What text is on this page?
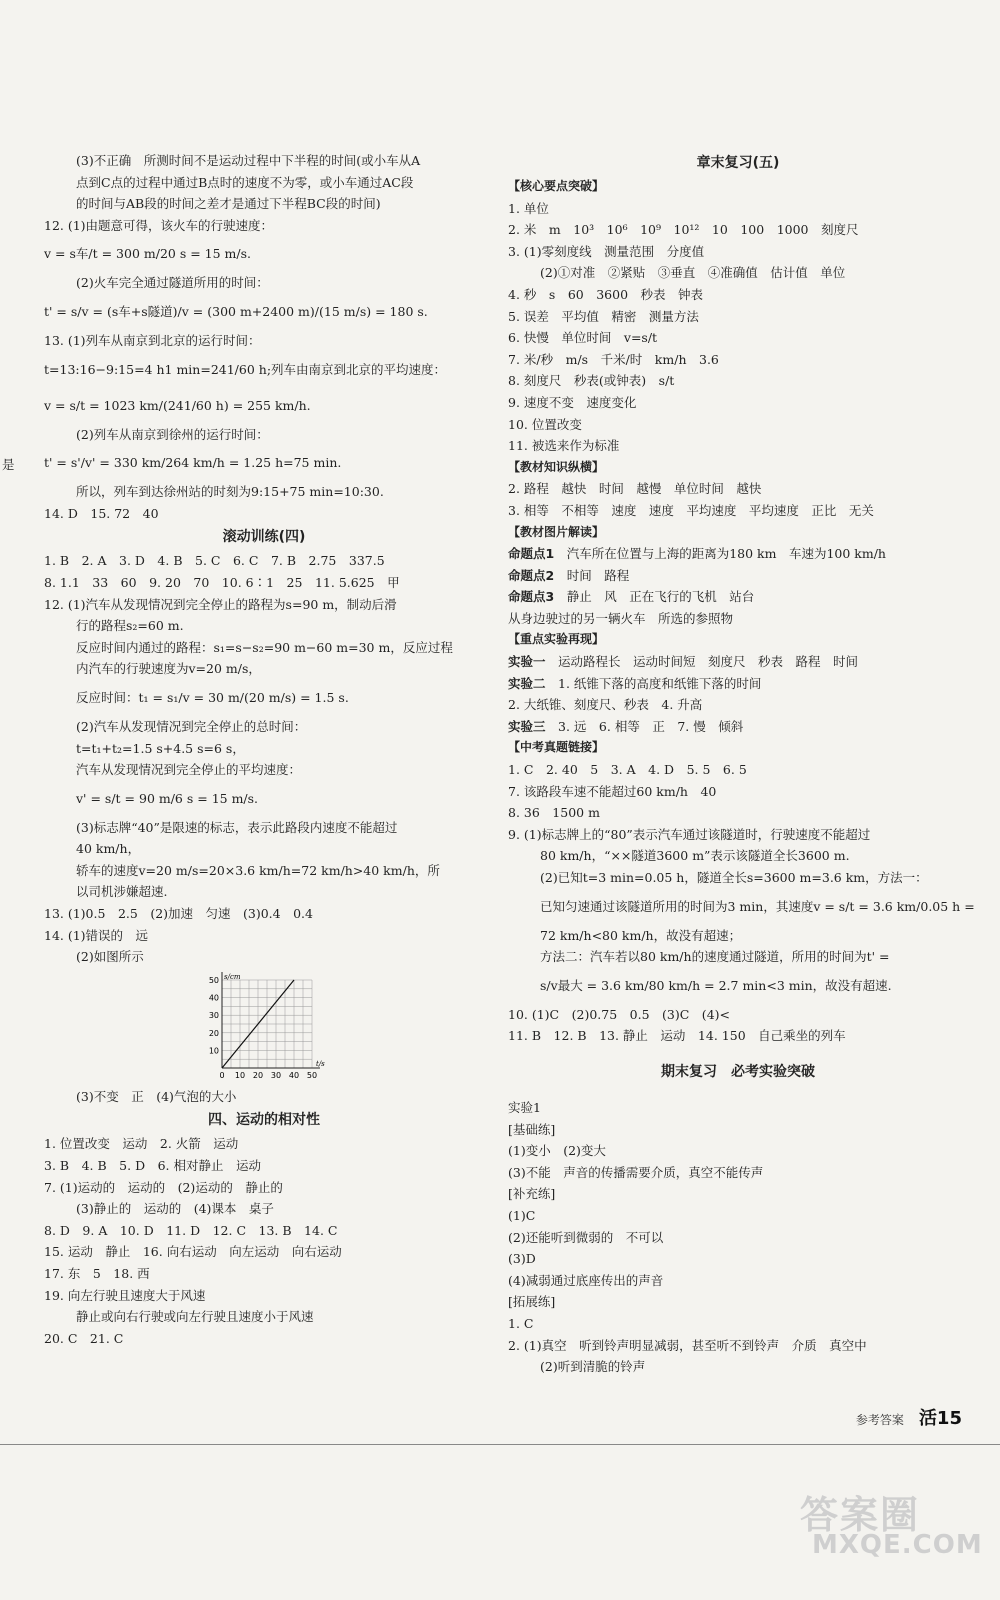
是
(3)不正确　所测时间不是运动过程中下半程的时间(或小车从A
点到C点的过程中通过B点时的速度不为零，或小车通过AC段
的时间与AB段的时间之差才是通过下半程BC段的时间)
12. (1)由题意可得，该火车的行驶速度：
v = s车/t = 300 m/20 s = 15 m/s.
(2)火车完全通过隧道所用的时间：
t' = s/v = (s车+s隧道)/v = (300 m+2400 m)/(15 m/s) = 180 s.
13. (1)列车从南京到北京的运行时间：
t=13:16−9:15=4 h1 min=241/60 h;列车由南京到北京的平均速度：
v = s/t = 1023 km/(241/60 h) = 255 km/h.
(2)列车从南京到徐州的运行时间：
t' = s'/v' = 330 km/264 km/h = 1.25 h=75 min.
所以，列车到达徐州站的时刻为9:15+75 min=10:30.
14. D　15. 72　40
滚动训练(四)
1. B　2. A　3. D　4. B　5. C　6. C　7. B　2.75　337.5
8. 1.1　33　60　9. 20　70　10. 6∶1　25　11. 5.625　甲
12. (1)汽车从发现情况到完全停止的路程为s=90 m，制动后滑
行的路程s₂=60 m.
反应时间内通过的路程：s₁=s−s₂=90 m−60 m=30 m，反应过程
内汽车的行驶速度为v=20 m/s，
反应时间：t₁ = s₁/v = 30 m/(20 m/s) = 1.5 s.
(2)汽车从发现情况到完全停止的总时间：
t=t₁+t₂=1.5 s+4.5 s=6 s，
汽车从发现情况到完全停止的平均速度：
v' = s/t = 90 m/6 s = 15 m/s.
(3)标志牌“40”是限速的标志，表示此路段内速度不能超过
40 km/h，
轿车的速度v=20 m/s=20×3.6 km/h=72 km/h>40 km/h，所
以司机涉嫌超速.
13. (1)0.5　2.5　(2)加速　匀速　(3)0.4　0.4
14. (1)错误的　远
(2)如图所示
0 10 20 30 40 50
10
20
30
40
50
t/s
s/cm
(3)不变　正　(4)气泡的大小
四、运动的相对性
1. 位置改变　运动　2. 火箭　运动
3. B　4. B　5. D　6. 相对静止　运动
7. (1)运动的　运动的　(2)运动的　静止的
(3)静止的　运动的　(4)课本　桌子
8. D　9. A　10. D　11. D　12. C　13. B　14. C
15. 运动　静止　16. 向右运动　向左运动　向右运动
17. 东　5　18. 西
19. 向左行驶且速度大于风速
静止或向右行驶或向左行驶且速度小于风速
20. C　21. C
章末复习(五)
【核心要点突破】
1. 单位
2. 米　m　10³　10⁶　10⁹　10¹²　10　100　1000　刻度尺
3. (1)零刻度线　测量范围　分度值
(2)①对准　②紧贴　③垂直　④准确值　估计值　单位
4. 秒　s　60　3600　秒表　钟表
5. 误差　平均值　精密　测量方法
6. 快慢　单位时间　v=s/t
7. 米/秒　m/s　千米/时　km/h　3.6
8. 刻度尺　秒表(或钟表)　s/t
9. 速度不变　速度变化
10. 位置改变
11. 被选来作为标准
【教材知识纵横】
2. 路程　越快　时间　越慢　单位时间　越快
3. 相等　不相等　速度　速度　平均速度　平均速度　正比　无关
【教材图片解读】
命题点1　汽车所在位置与上海的距离为180 km　车速为100 km/h
命题点2　时间　路程
命题点3　静止　风　正在飞行的飞机　站台
从身边驶过的另一辆火车　所选的参照物
【重点实验再现】
实验一　运动路程长　运动时间短　刻度尺　秒表　路程　时间
实验二　1. 纸锥下落的高度和纸锥下落的时间
2. 大纸锥、刻度尺、秒表　4. 升高
实验三　3. 远　6. 相等　正　7. 慢　倾斜
【中考真题链接】
1. C　2. 40　5　3. A　4. D　5. 5　6. 5
7. 该路段车速不能超过60 km/h　40
8. 36　1500 m
9. (1)标志牌上的“80”表示汽车通过该隧道时，行驶速度不能超过
80 km/h，“××隧道3600 m”表示该隧道全长3600 m.
(2)已知t=3 min=0.05 h，隧道全长s=3600 m=3.6 km，方法一：
已知匀速通过该隧道所用的时间为3 min，其速度v = s/t = 3.6 km/0.05 h =
72 km/h<80 km/h，故没有超速；
方法二：汽车若以80 km/h的速度通过隧道，所用的时间为t' =
s/v最大 = 3.6 km/80 km/h = 2.7 min<3 min，故没有超速.
10. (1)C　(2)0.75　0.5　(3)C　(4)<
11. B　12. B　13. 静止　运动　14. 150　自己乘坐的列车
期末复习　必考实验突破
实验1
[基础练]
(1)变小　(2)变大
(3)不能　声音的传播需要介质，真空不能传声
[补充练]
(1)C
(2)还能听到微弱的　不可以
(3)D
(4)减弱通过底座传出的声音
[拓展练]
1. C
2. (1)真空　听到铃声明显减弱，甚至听不到铃声　介质　真空中
(2)听到清脆的铃声
参考答案 活15
答案圈
MXQE.COM
